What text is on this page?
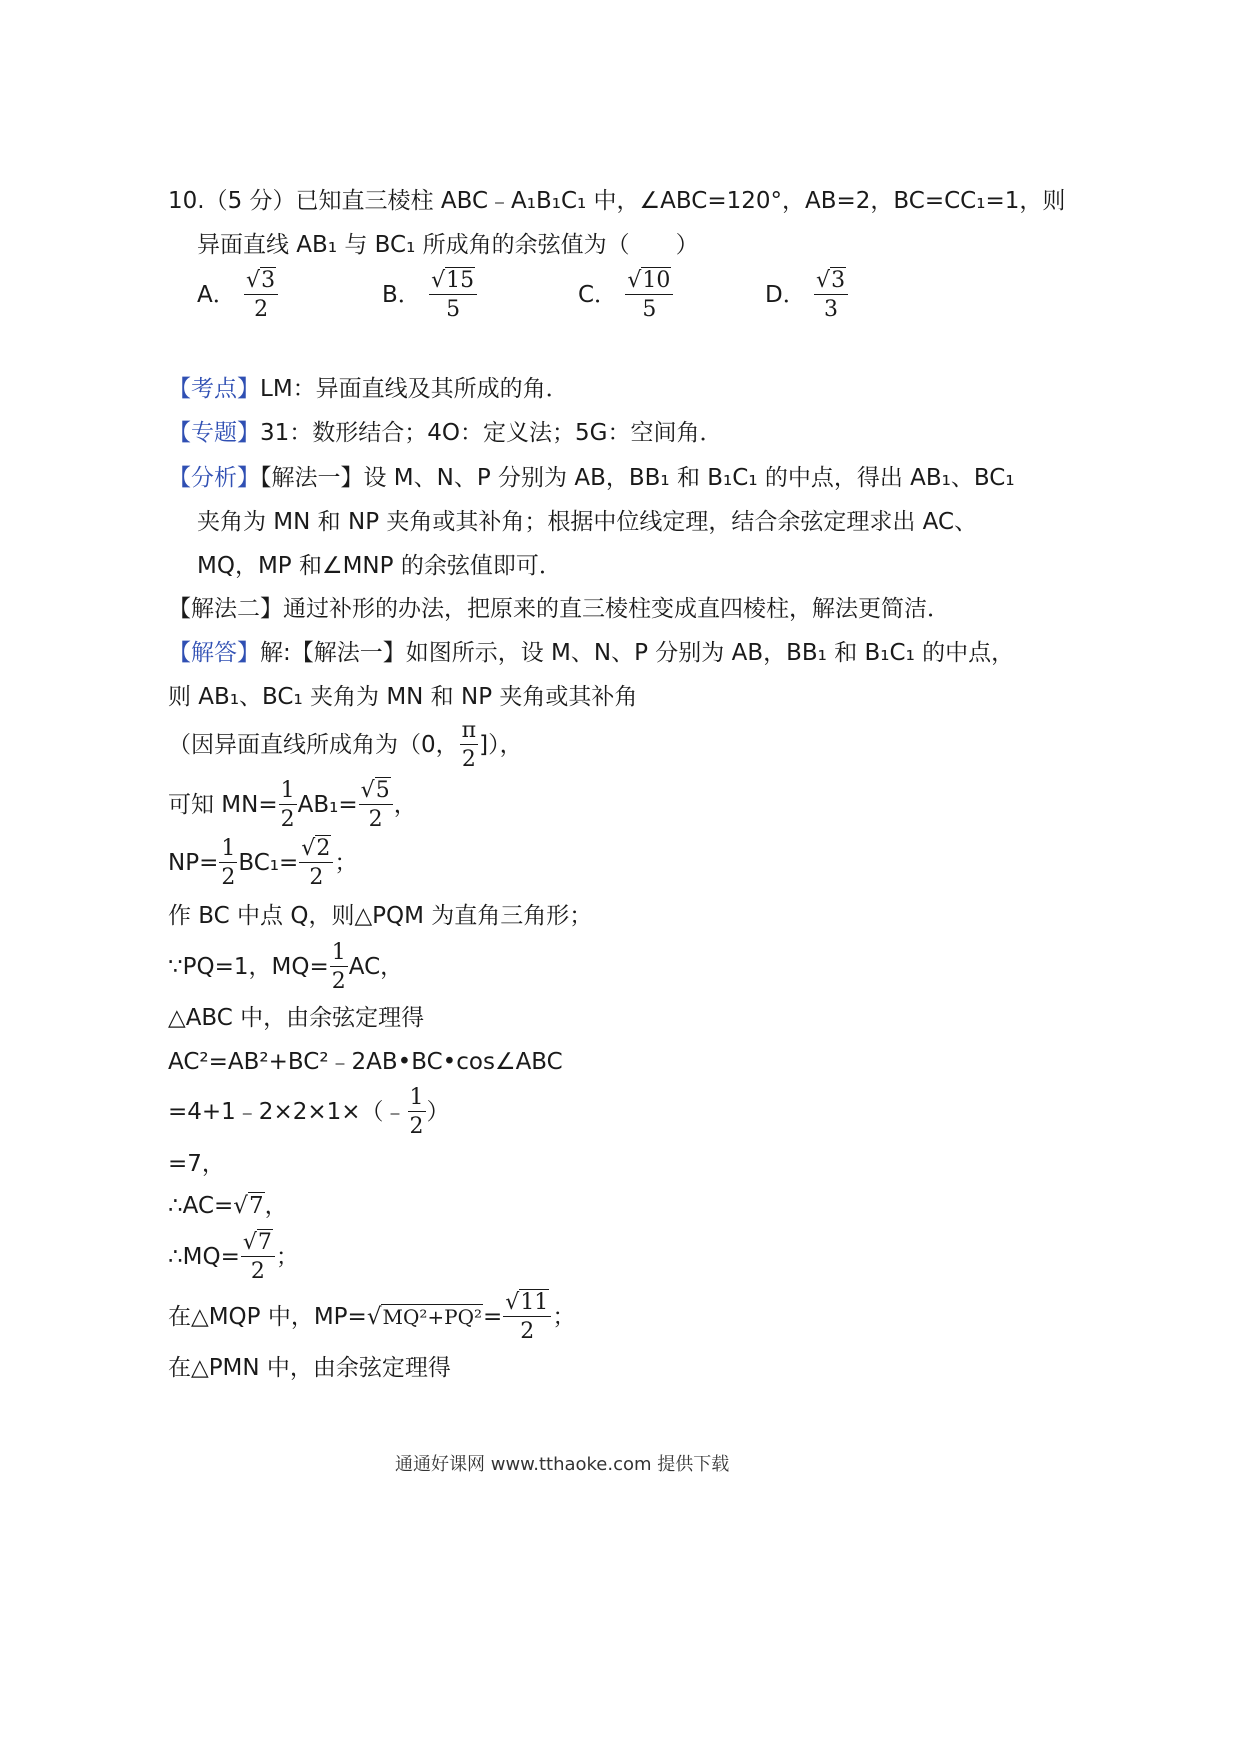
10.（5 分）已知直三棱柱 ABC﹣A₁B₁C₁ 中，∠ABC=120°，AB=2，BC=CC₁=1，则
异面直线 AB₁ 与 BC₁ 所成角的余弦值为（　　）
A． $\frac{√3}{2}$	B． $\frac{√15}{5}$	C． $\frac{√10}{5}$	D． $\frac{√3}{3}$
【考点】LM：异面直线及其所成的角．
【专题】31：数形结合；4O：定义法；5G：空间角．
【分析】【解法一】设 M、N、P 分别为 AB，BB₁ 和 B₁C₁ 的中点，得出 AB₁、BC₁
夹角为 MN 和 NP 夹角或其补角；根据中位线定理，结合余弦定理求出 AC、
MQ，MP 和∠MNP 的余弦值即可．
【解法二】通过补形的办法，把原来的直三棱柱变成直四棱柱，解法更简洁．
【解答】解:【解法一】如图所示，设 M、N、P 分别为 AB，BB₁ 和 B₁C₁ 的中点，
则 AB₁、BC₁ 夹角为 MN 和 NP 夹角或其补角
（因异面直线所成角为（0， $\frac{\pi}{2}$ ]），
可知 $MN= \frac{1}{2} AB_1= \frac{√5}{2}$ ，
$NP= \frac{1}{2} BC_1= \frac{√2}{2}$ ；
作 BC 中点 Q，则△PQM 为直角三角形；
∵PQ=1，$MQ= \frac{1}{2}$ AC，
△ABC 中，由余弦定理得
AC²=AB²+BC²﹣2AB•BC•cos∠ABC
=4+1﹣2×2×1×（﹣ $\frac{1}{2}$ ）
=7，
∴AC=√7，
∴MQ= $\frac{√7}{2}$ ；
在△MQP 中，$MP=√MQ^2+PQ^2= \frac{√11}{2}$ ；
在△PMN 中，由余弦定理得
通通好课网 www.tthaoke.com 提供下载
